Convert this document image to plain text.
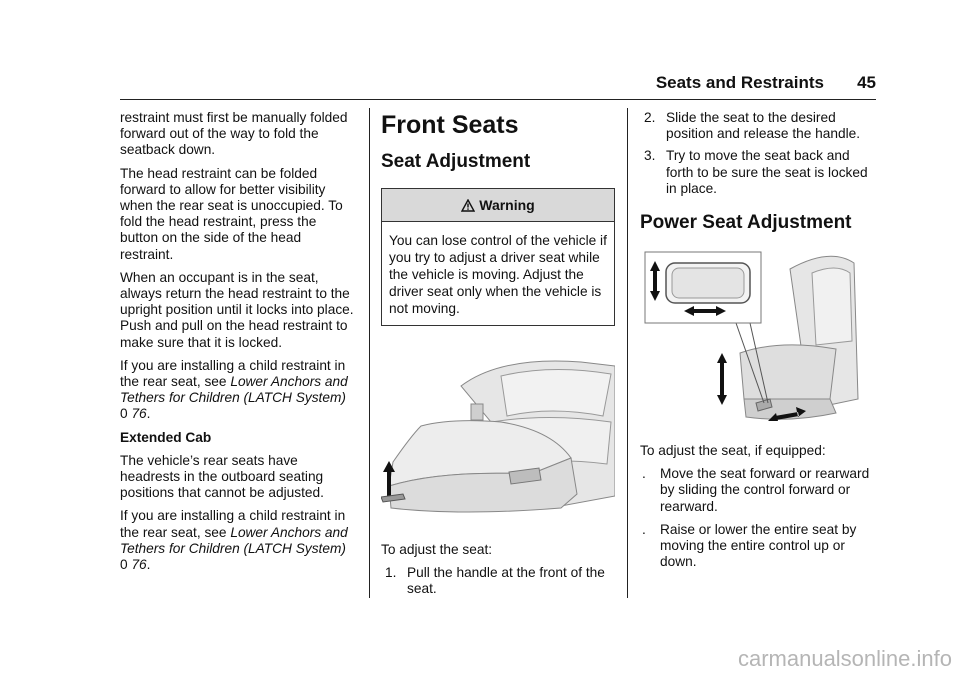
Seats and Restraints 45

restraint must first be manually folded forward out of the way to fold the seatback down.

The head restraint can be folded forward to allow for better visibility when the rear seat is unoccupied. To fold the head restraint, press the button on the side of the head restraint.

When an occupant is in the seat, always return the head restraint to the upright position until it locks into place. Push and pull on the head restraint to make sure that it is locked.

If you are installing a child restraint in the rear seat, see Lower Anchors and Tethers for Children (LATCH System) 0 76.

Extended Cab

The vehicle’s rear seats have headrests in the outboard seating positions that cannot be adjusted.

If you are installing a child restraint in the rear seat, see Lower Anchors and Tethers for Children (LATCH System) 0 76.

Front Seats
Seat Adjustment
Warning
You can lose control of the vehicle if you try to adjust a driver seat while the vehicle is moving. Adjust the driver seat only when the vehicle is not moving.

To adjust the seat:

1. Pull the handle at the front of the seat.
2. Slide the seat to the desired position and release the handle.
3. Try to move the seat back and forth to be sure the seat is locked in place.
Power Seat Adjustment

To adjust the seat, if equipped:

. Move the seat forward or rearward by sliding the control forward or rearward.
. Raise or lower the entire seat by moving the entire control up or down.
carmanualsonline.info
